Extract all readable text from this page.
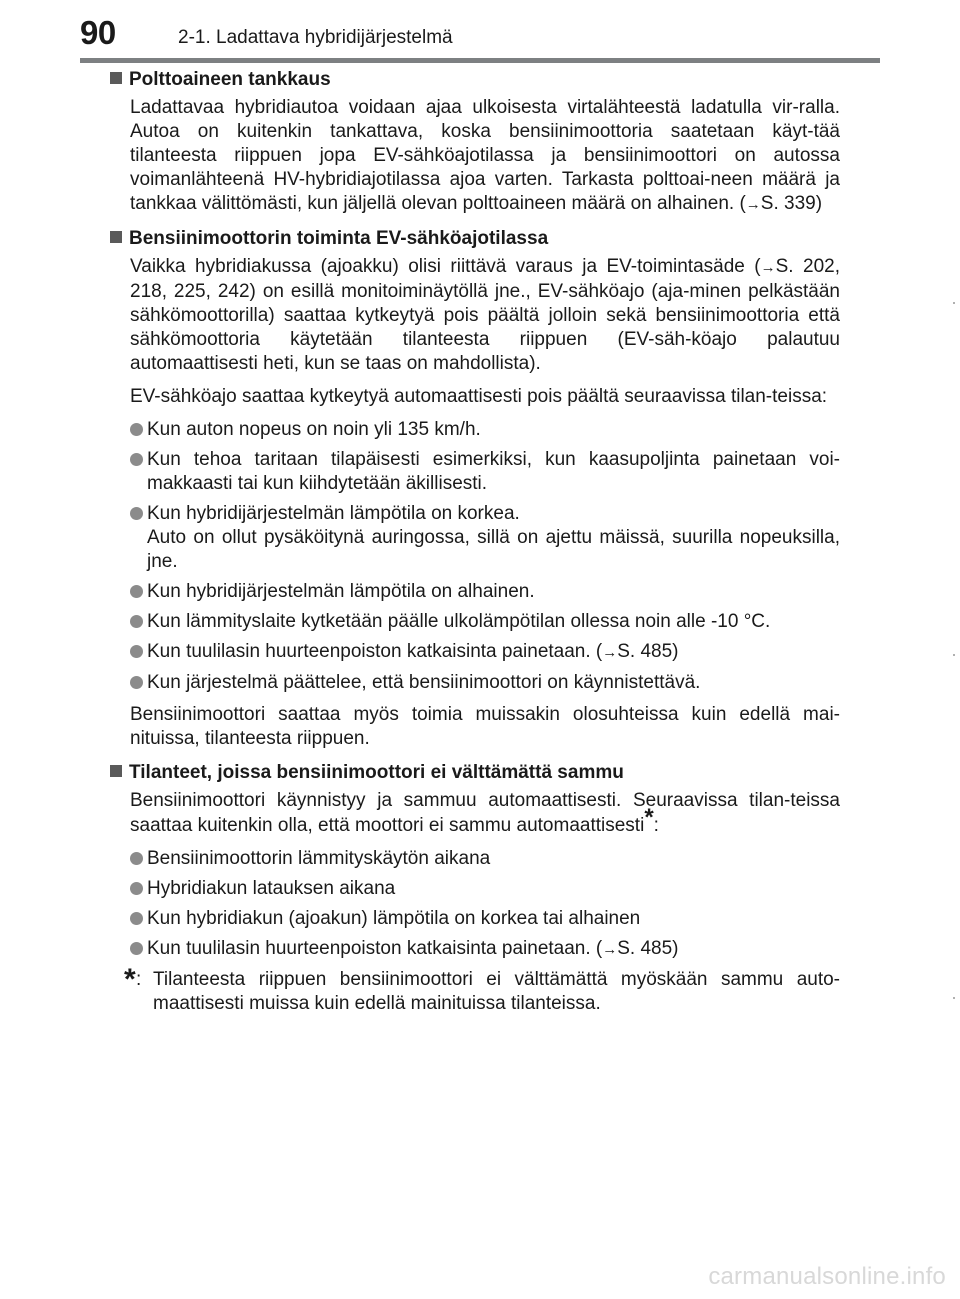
90	2-1. Ladattava hybridijärjestelmä

Polttoaineen tankkaus

Ladattavaa hybridiautoa voidaan ajaa ulkoisesta virtalähteestä ladatulla vir-ralla. Autoa on kuitenkin tankattava, koska bensiinimoottoria saatetaan käyt-tää tilanteesta riippuen jopa EV-sähköajotilassa ja bensiinimoottori on autossa voimanlähteenä HV-hybridiajotilassa ajoa varten. Tarkasta polttoai-neen määrä ja tankkaa välittömästi, kun jäljellä olevan polttoaineen määrä on alhainen. (→S. 339)

Bensiinimoottorin toiminta EV-sähköajotilassa

Vaikka hybridiakussa (ajoakku) olisi riittävä varaus ja EV-toimintasäde (→S. 202, 218, 225, 242) on esillä monitoiminäytöllä jne., EV-sähköajo (aja-minen pelkästään sähkömoottorilla) saattaa kytkeytyä pois päältä jolloin sekä bensiinimoottoria että sähkömoottoria käytetään tilanteesta riippuen (EV-säh-köajo palautuu automaattisesti heti, kun se taas on mahdollista).

EV-sähköajo saattaa kytkeytyä automaattisesti pois päältä seuraavissa tilan-teissa:

Kun auton nopeus on noin yli 135 km/h.
Kun tehoa taritaan tilapäisesti esimerkiksi, kun kaasupoljinta painetaan voi-makkaasti tai kun kiihdytetään äkillisesti.
Kun hybridijärjestelmän lämpötila on korkea.
Auto on ollut pysäköitynä auringossa, sillä on ajettu mäissä, suurilla nopeuksilla, jne.
Kun hybridijärjestelmän lämpötila on alhainen.
Kun lämmityslaite kytketään päälle ulkolämpötilan ollessa noin alle -10 °C.
Kun tuulilasin huurteenpoiston katkaisinta painetaan. (→S. 485)
Kun järjestelmä päättelee, että bensiinimoottori on käynnistettävä.

Bensiinimoottori saattaa myös toimia muissakin olosuhteissa kuin edellä mai-nituissa, tilanteesta riippuen.

Tilanteet, joissa bensiinimoottori ei välttämättä sammu

Bensiinimoottori käynnistyy ja sammuu automaattisesti. Seuraavissa tilan-teissa saattaa kuitenkin olla, että moottori ei sammu automaattisesti*:

Bensiinimoottorin lämmityskäytön aikana
Hybridiakun latauksen aikana
Kun hybridiakun (ajoakun) lämpötila on korkea tai alhainen
Kun tuulilasin huurteenpoiston katkaisinta painetaan. (→S. 485)
* : Tilanteesta riippuen bensiinimoottori ei välttämättä myöskään sammu auto-maattisesti muissa kuin edellä mainituissa tilanteissa.
carmanualsonline.info
